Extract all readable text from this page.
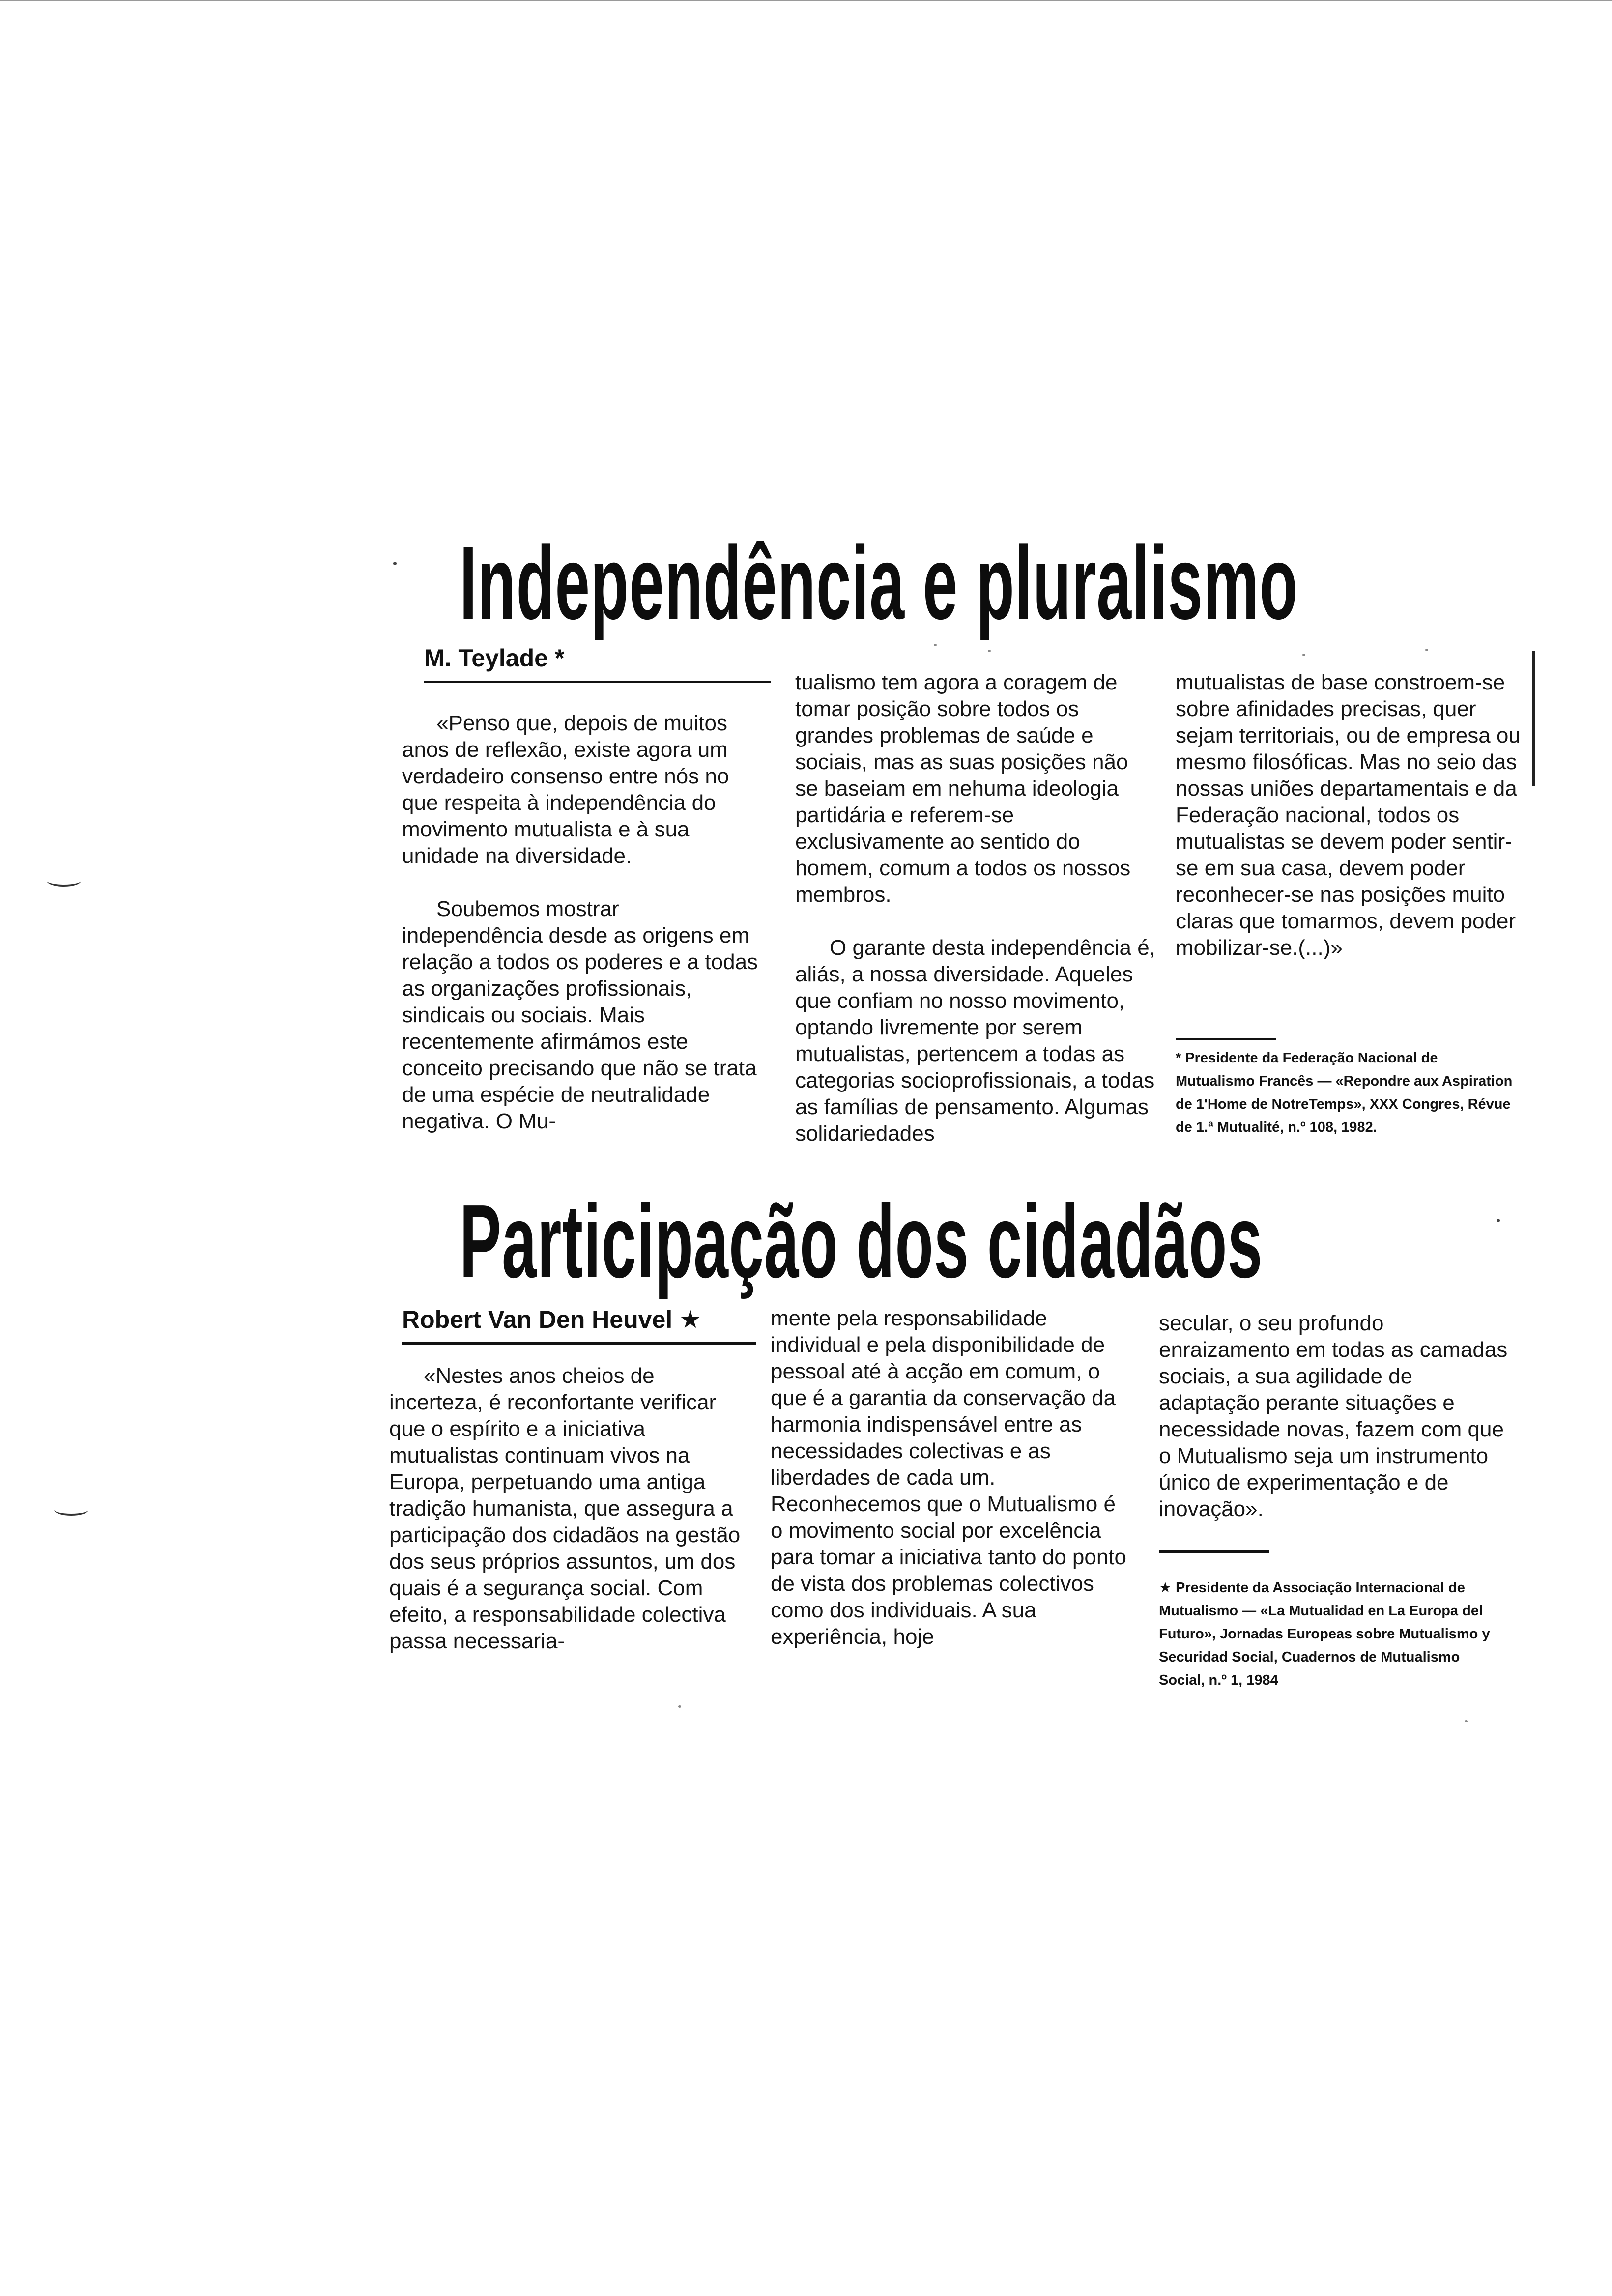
Independência e pluralismo
M. Teylade *

«Penso que, depois de muitos anos de reflexão, existe agora um verdadeiro consenso entre nós no que respeita à independência do movimento mutualista e à sua unidade na diversidade.

Soubemos mostrar independência desde as origens em relação a todos os poderes e a todas as organizações profissionais, sindicais ou sociais. Mais recentemente afirmámos este conceito precisando que não se trata de uma espécie de neutralidade negativa. O Mu-

tualismo tem agora a coragem de tomar posição sobre todos os grandes problemas de saúde e sociais, mas as suas posições não se baseiam em nehuma ideologia partidária e referem-se exclusivamente ao sentido do homem, comum a todos os nossos membros.

O garante desta independência é, aliás, a nossa diversidade. Aqueles que confiam no nosso movimento, optando livremente por serem mutualistas, pertencem a todas as categorias socioprofissionais, a todas as famílias de pensamento. Algumas solidariedades

mutualistas de base constroem-se sobre afinidades precisas, quer sejam territoriais, ou de empresa ou mesmo filosóficas. Mas no seio das nossas uniões departamentais e da Federação nacional, todos os mutualistas se devem poder sentir-se em sua casa, devem poder reconhecer-se nas posições muito claras que tomarmos, devem poder mobilizar-se.(...)»

* Presidente da Federação Nacional de Mutualismo Francês — «Repondre aux Aspiration de 1'Home de NotreTemps», XXX Congres, Révue de 1.ª Mutualité, n.º 108, 1982.
Participação dos cidadãos
Robert Van Den Heuvel ★

«Nestes anos cheios de incerteza, é reconfortante verificar que o espírito e a iniciativa mutualistas continuam vivos na Europa, perpetuando uma antiga tradição humanista, que assegura a participação dos cidadãos na gestão dos seus próprios assuntos, um dos quais é a segurança social. Com efeito, a responsabilidade colectiva passa necessaria-

mente pela responsabilidade individual e pela disponibilidade de pessoal até à acção em comum, o que é a garantia da conservação da harmonia indispensável entre as necessidades colectivas e as liberdades de cada um. Reconhecemos que o Mutualismo é o movimento social por excelência para tomar a iniciativa tanto do ponto de vista dos problemas colectivos como dos individuais. A sua experiência, hoje

secular, o seu profundo enraizamento em todas as camadas sociais, a sua agilidade de adaptação perante situações e necessidade novas, fazem com que o Mutualismo seja um instrumento único de experimentação e de inovação».

★ Presidente da Associação Internacional de Mutualismo — «La Mutualidad en La Europa del Futuro», Jornadas Europeas sobre Mutualismo y Securidad Social, Cuadernos de Mutualismo Social, n.º 1, 1984
